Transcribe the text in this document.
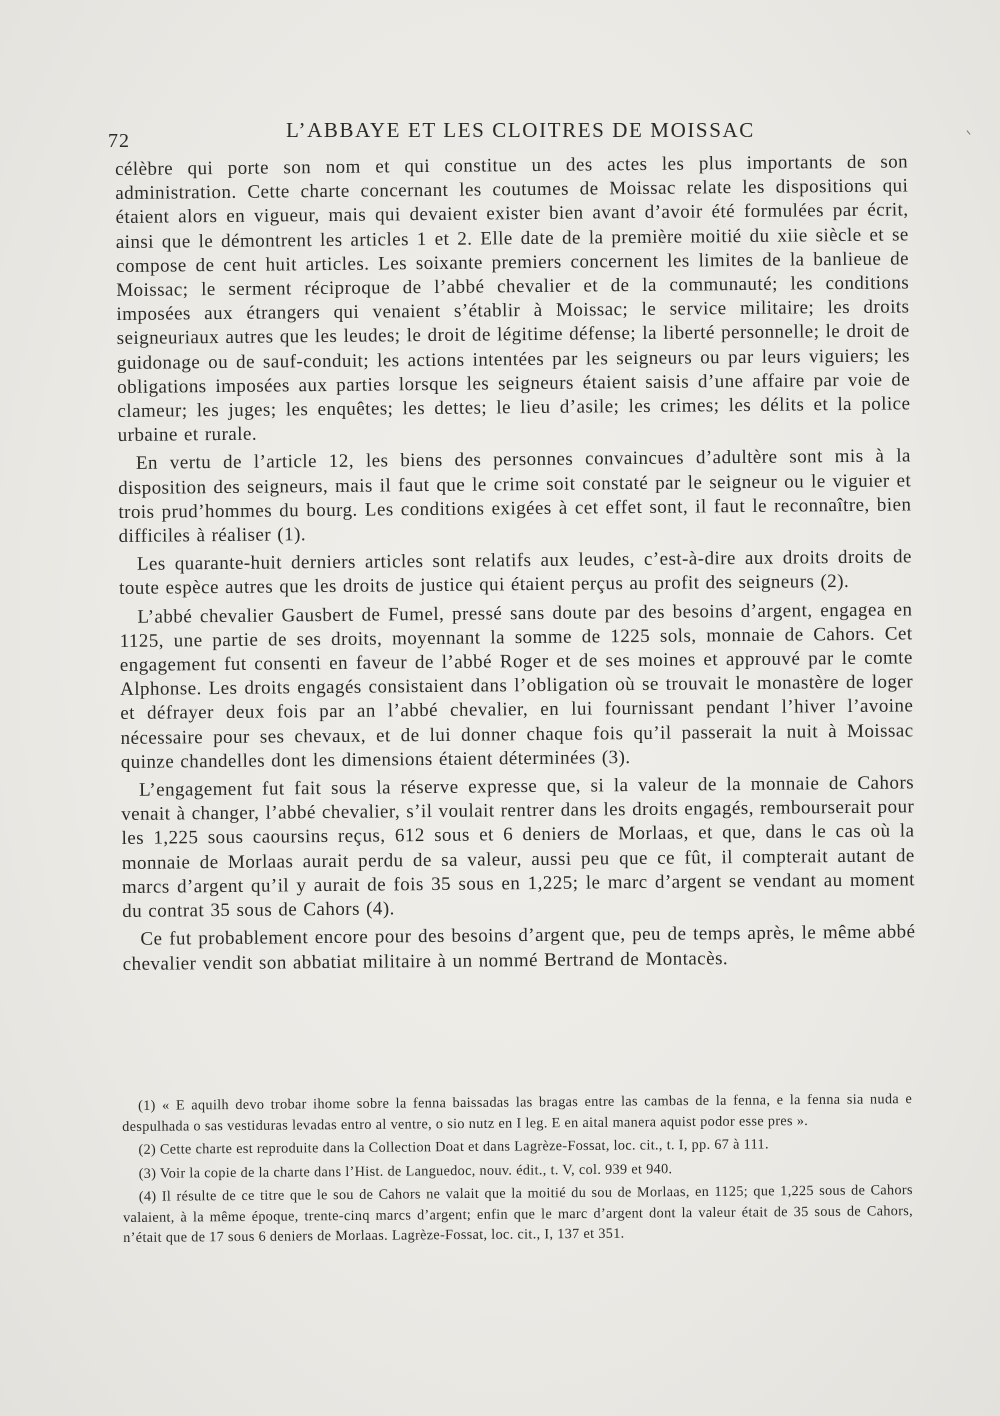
72	L’ABBAYE ET LES CLOITRES DE MOISSAC

célèbre qui porte son nom et qui constitue un des actes les plus importants de son administration. Cette charte concernant les coutumes de Moissac relate les dispositions qui étaient alors en vigueur, mais qui devaient exister bien avant d’avoir été formulées par écrit, ainsi que le démontrent les articles 1 et 2. Elle date de la première moitié du xiie siècle et se compose de cent huit articles. Les soixante premiers concernent les limites de la banlieue de Moissac; le serment réciproque de l’abbé chevalier et de la communauté; les conditions imposées aux étrangers qui venaient s’établir à Moissac; le service militaire; les droits seigneuriaux autres que les leudes; le droit de légitime défense; la liberté personnelle; le droit de guidonage ou de sauf-conduit; les actions intentées par les seigneurs ou par leurs viguiers; les obligations imposées aux parties lorsque les seigneurs étaient saisis d’une affaire par voie de clameur; les juges; les enquêtes; les dettes; le lieu d’asile; les crimes; les délits et la police urbaine et rurale.

En vertu de l’article 12, les biens des personnes convaincues d’adultère sont mis à la disposition des seigneurs, mais il faut que le crime soit constaté par le seigneur ou le viguier et trois prud’hommes du bourg. Les conditions exigées à cet effet sont, il faut le reconnaître, bien difficiles à réaliser (1).

Les quarante-huit derniers articles sont relatifs aux leudes, c’est-à-dire aux droits droits de toute espèce autres que les droits de justice qui étaient perçus au profit des seigneurs (2).

L’abbé chevalier Gausbert de Fumel, pressé sans doute par des besoins d’argent, engagea en 1125, une partie de ses droits, moyennant la somme de 1225 sols, monnaie de Cahors. Cet engagement fut consenti en faveur de l’abbé Roger et de ses moines et approuvé par le comte Alphonse. Les droits engagés consistaient dans l’obligation où se trouvait le monastère de loger et défrayer deux fois par an l’abbé chevalier, en lui fournissant pendant l’hiver l’avoine nécessaire pour ses chevaux, et de lui donner chaque fois qu’il passerait la nuit à Moissac quinze chandelles dont les dimensions étaient déterminées (3).

L’engagement fut fait sous la réserve expresse que, si la valeur de la monnaie de Cahors venait à changer, l’abbé chevalier, s’il voulait rentrer dans les droits engagés, rembourserait pour les 1,225 sous caoursins reçus, 612 sous et 6 deniers de Morlaas, et que, dans le cas où la monnaie de Morlaas aurait perdu de sa valeur, aussi peu que ce fût, il compterait autant de marcs d’argent qu’il y aurait de fois 35 sous en 1,225; le marc d’argent se vendant au moment du contrat 35 sous de Cahors (4).

Ce fut probablement encore pour des besoins d’argent que, peu de temps après, le même abbé chevalier vendit son abbatiat militaire à un nommé Bertrand de Montacès.

(1) « E aquilh devo trobar ihome sobre la fenna baissadas las bragas entre las cambas de la fenna, e la fenna sia nuda e despulhada o sas vestiduras levadas entro al ventre, o sio nutz en I leg. E en aital manera aquist podor esse pres ».

(2) Cette charte est reproduite dans la Collection Doat et dans Lagrèze-Fossat, loc. cit., t. I, pp. 67 à 111.

(3) Voir la copie de la charte dans l’Hist. de Languedoc, nouv. édit., t. V, col. 939 et 940.

(4) Il résulte de ce titre que le sou de Cahors ne valait que la moitié du sou de Morlaas, en 1125; que 1,225 sous de Cahors valaient, à la même époque, trente-cinq marcs d’argent; enfin que le marc d’argent dont la valeur était de 35 sous de Cahors, n’était que de 17 sous 6 deniers de Morlaas. Lagrèze-Fossat, loc. cit., I, 137 et 351.
